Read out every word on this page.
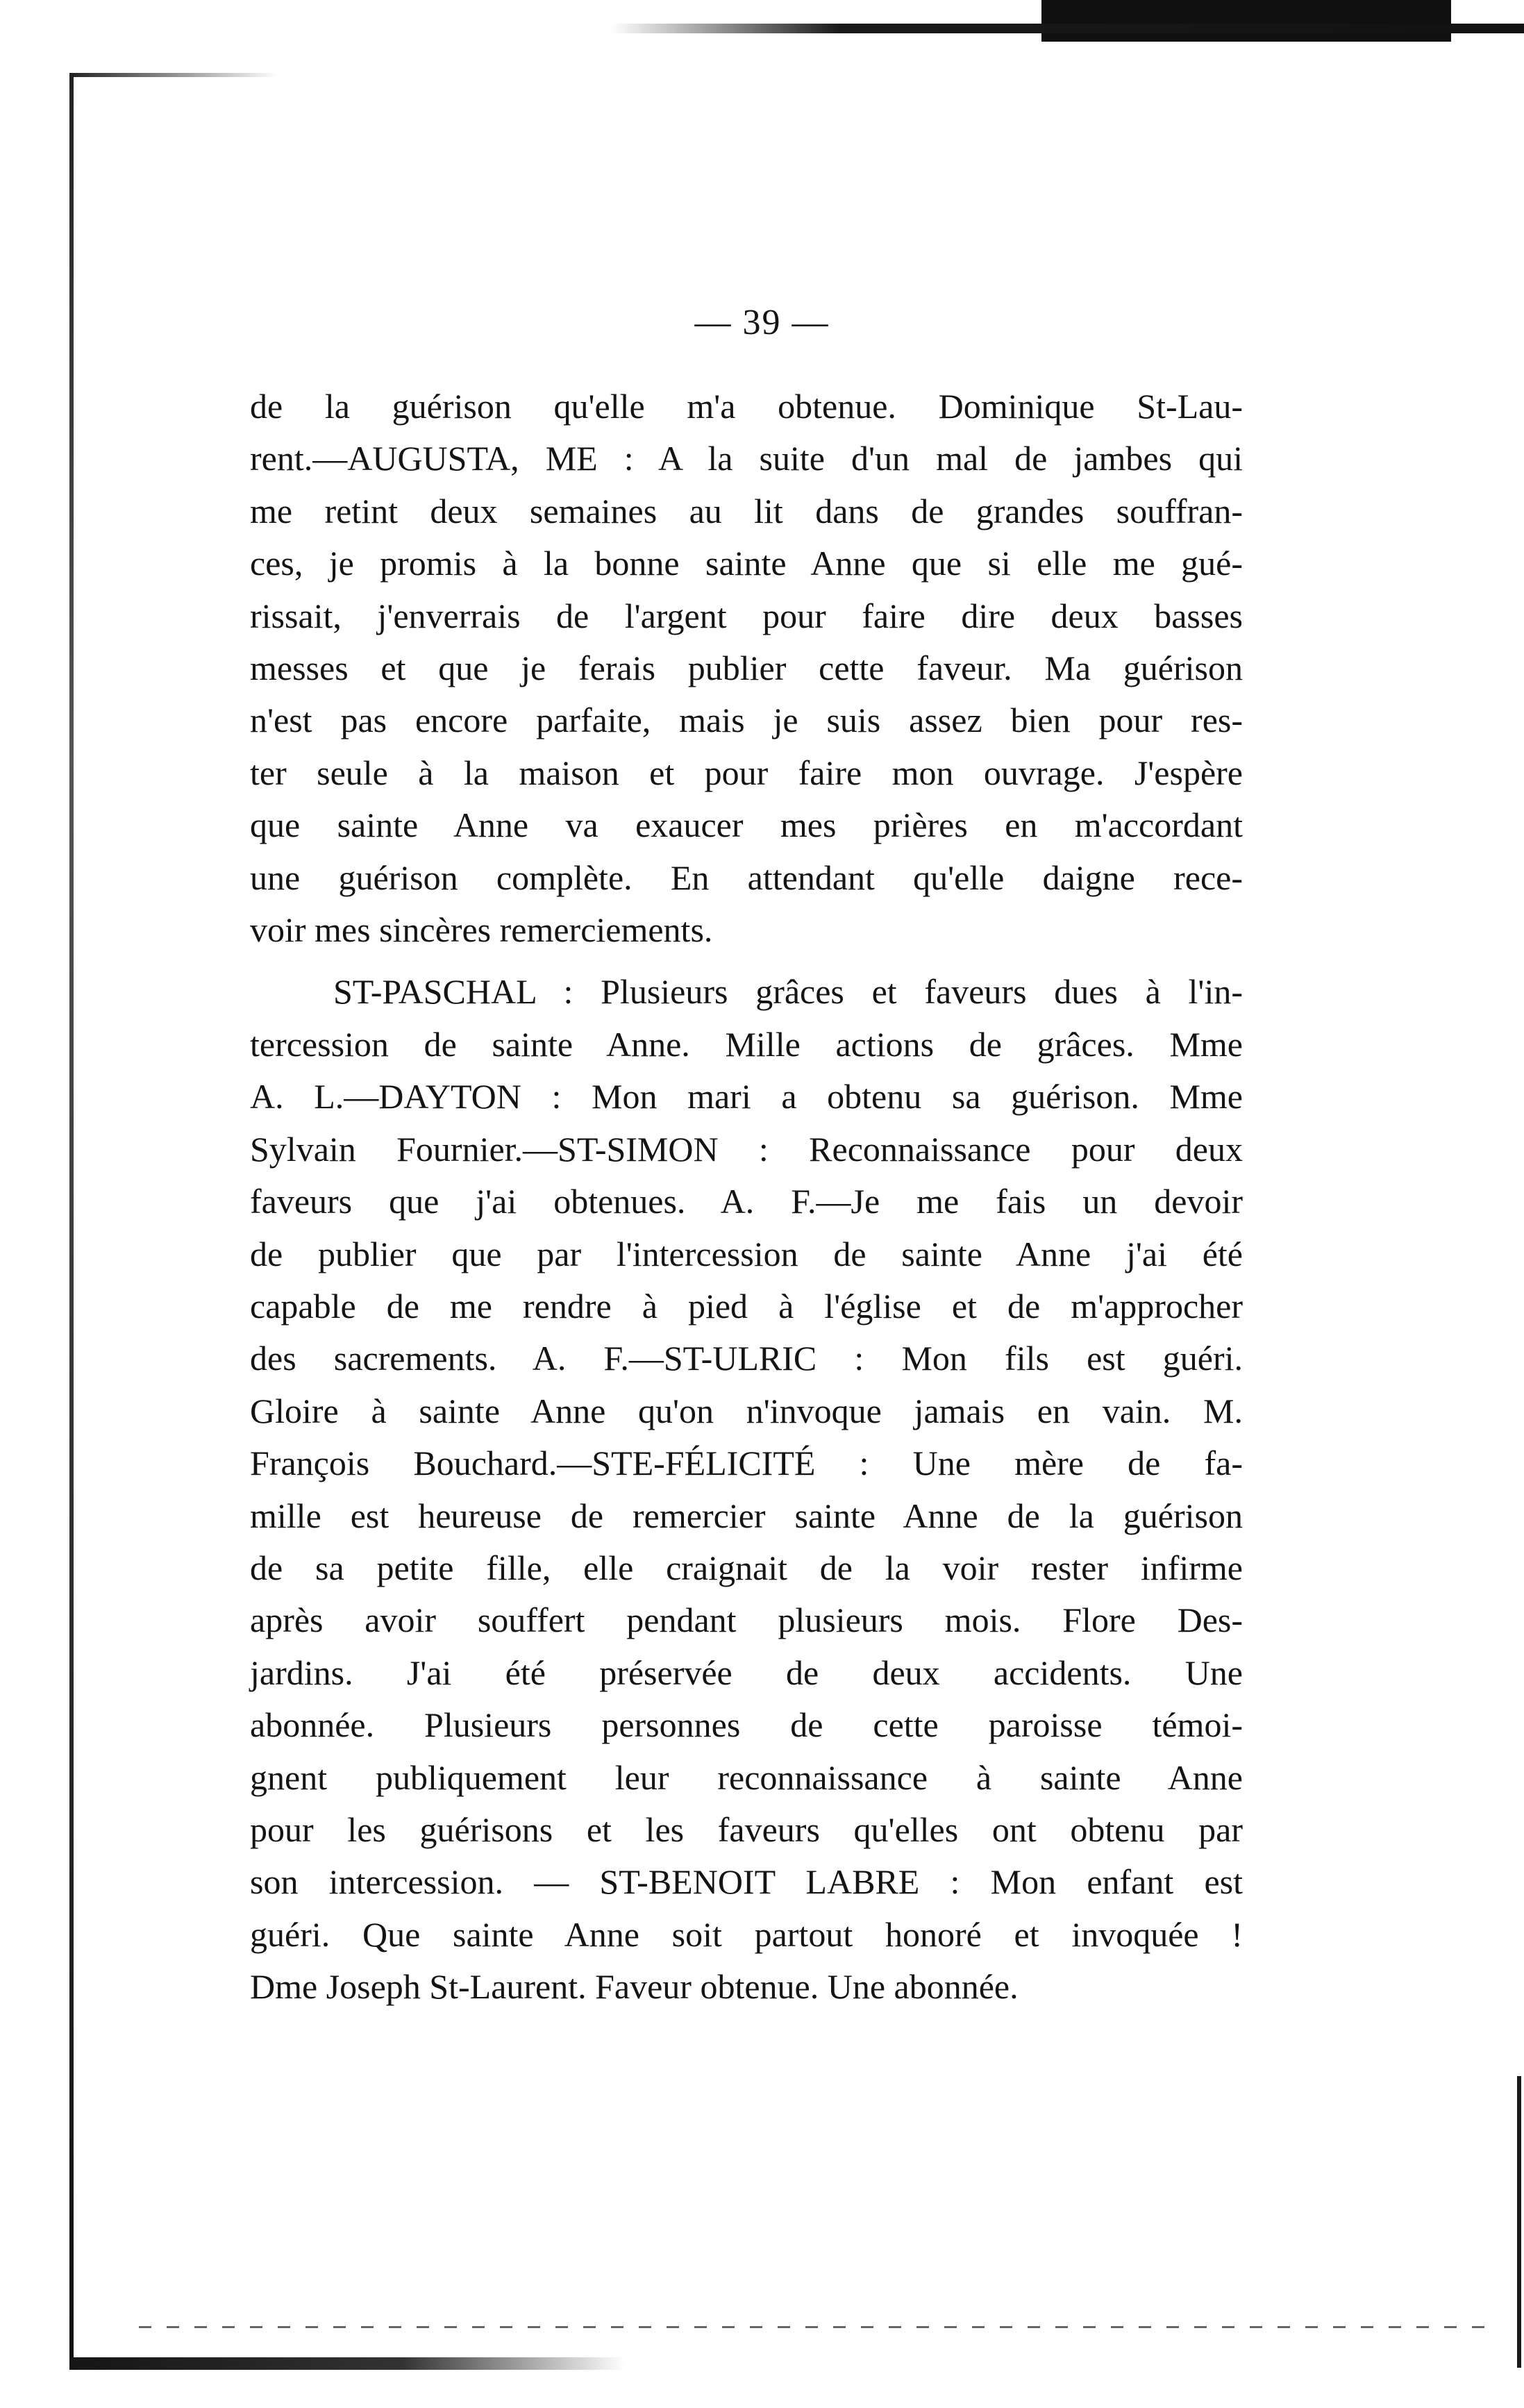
— 39 —
de la guérison qu'elle m'a obtenue. Dominique St-Lau-
rent.—AUGUSTA, ME : A la suite d'un mal de jambes qui
me retint deux semaines au lit dans de grandes souffran-
ces, je promis à la bonne sainte Anne que si elle me gué-
rissait, j'enverrais de l'argent pour faire dire deux basses
messes et que je ferais publier cette faveur. Ma guérison
n'est pas encore parfaite, mais je suis assez bien pour res-
ter seule à la maison et pour faire mon ouvrage. J'espère
que sainte Anne va exaucer mes prières en m'accordant
une guérison complète. En attendant qu'elle daigne rece-
voir mes sincères remerciements.
ST-PASCHAL : Plusieurs grâces et faveurs dues à l'in-
tercession de sainte Anne. Mille actions de grâces. Mme
A. L.—DAYTON : Mon mari a obtenu sa guérison. Mme
Sylvain Fournier.—ST-SIMON : Reconnaissance pour deux
faveurs que j'ai obtenues. A. F.—Je me fais un devoir
de publier que par l'intercession de sainte Anne j'ai été
capable de me rendre à pied à l'église et de m'approcher
des sacrements. A. F.—ST-ULRIC : Mon fils est guéri.
Gloire à sainte Anne qu'on n'invoque jamais en vain. M.
François Bouchard.—STE-FÉLICITÉ : Une mère de fa-
mille est heureuse de remercier sainte Anne de la guérison
de sa petite fille, elle craignait de la voir rester infirme
après avoir souffert pendant plusieurs mois. Flore Des-
jardins. J'ai été préservée de deux accidents. Une
abonnée. Plusieurs personnes de cette paroisse témoi-
gnent publiquement leur reconnaissance à sainte Anne
pour les guérisons et les faveurs qu'elles ont obtenu par
son intercession. — ST-BENOIT LABRE : Mon enfant est
guéri. Que sainte Anne soit partout honoré et invoquée !
Dme Joseph St-Laurent. Faveur obtenue. Une abonnée.
